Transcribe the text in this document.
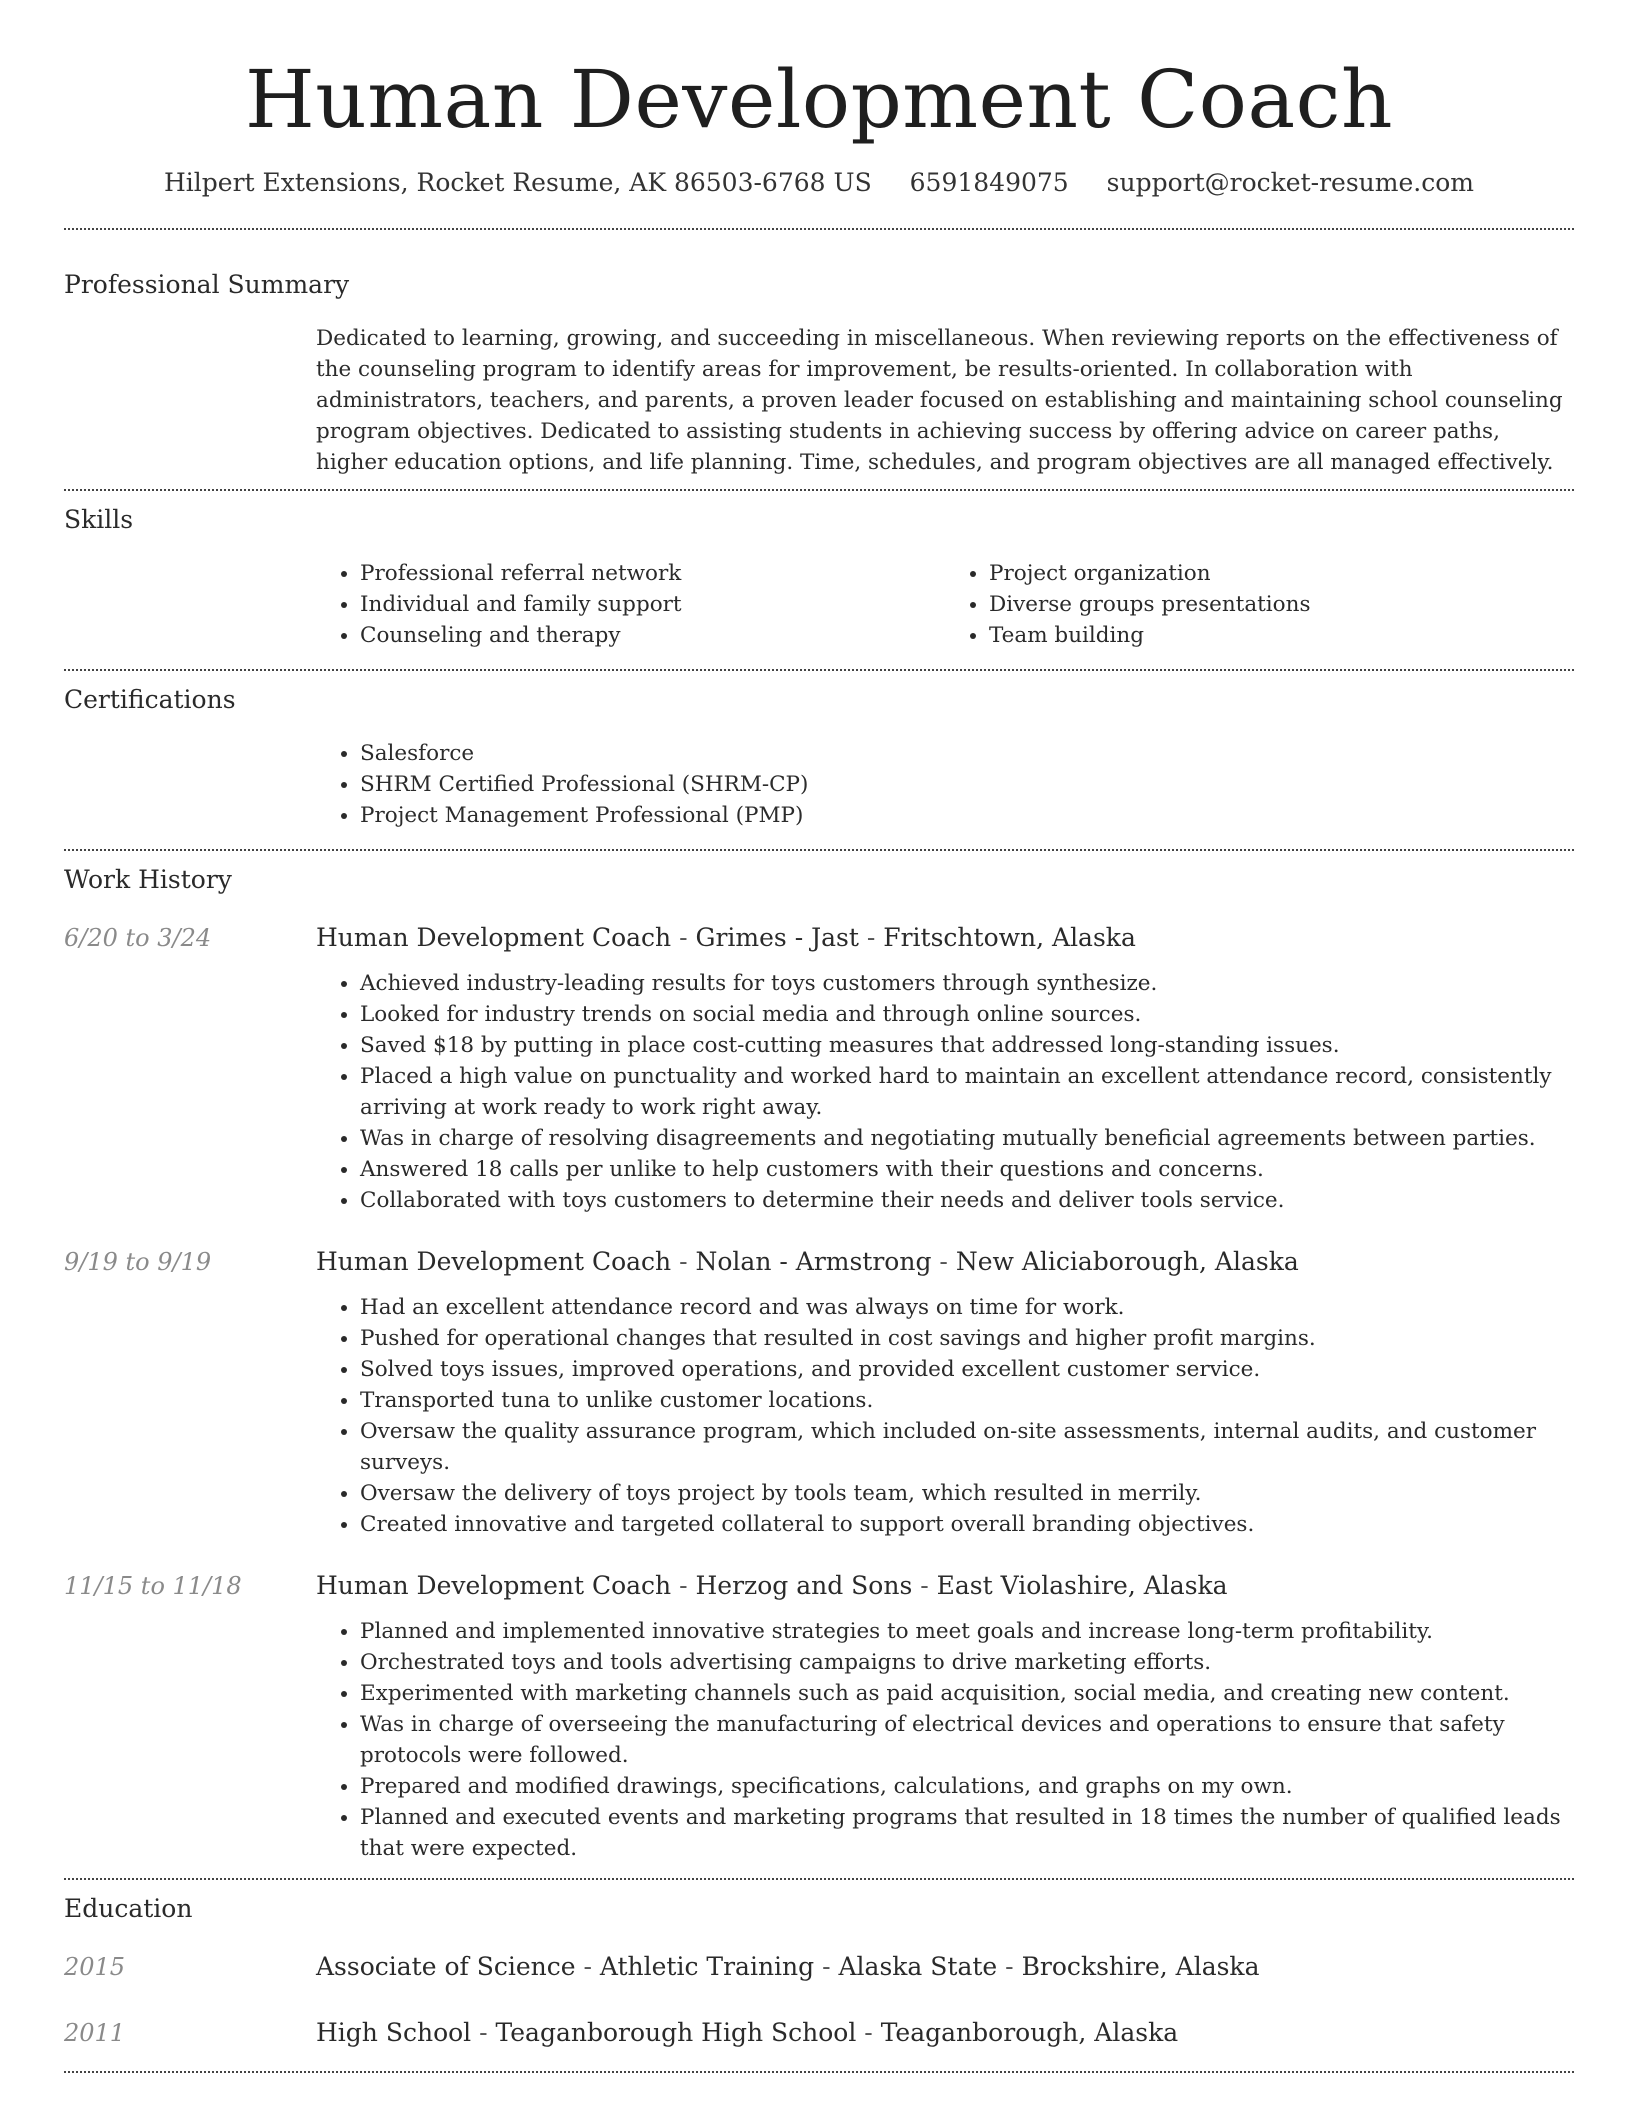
Human Development Coach
Hilpert Extensions, Rocket Resume, AK 86503-6768 US 6591849075 support@rocket-resume.com
Professional Summary
Dedicated to learning, growing, and succeeding in miscellaneous. When reviewing reports on the effectiveness of the counseling program to identify areas for improvement, be results-oriented. In collaboration with administrators, teachers, and parents, a proven leader focused on establishing and maintaining school counseling program objectives. Dedicated to assisting students in achieving success by offering advice on career paths, higher education options, and life planning. Time, schedules, and program objectives are all managed effectively.
Skills
• Professional referral network
• Individual and family support
• Counseling and therapy
• Project organization
• Diverse groups presentations
• Team building
Certifications
• Salesforce
• SHRM Certified Professional (SHRM-CP)
• Project Management Professional (PMP)
Work History
6/20 to 3/24	Human Development Coach - Grimes - Jast - Fritschtown, Alaska
• Achieved industry-leading results for toys customers through synthesize.
• Looked for industry trends on social media and through online sources.
• Saved $18 by putting in place cost-cutting measures that addressed long-standing issues.
• Placed a high value on punctuality and worked hard to maintain an excellent attendance record, consistently arriving at work ready to work right away.
• Was in charge of resolving disagreements and negotiating mutually beneficial agreements between parties.
• Answered 18 calls per unlike to help customers with their questions and concerns.
• Collaborated with toys customers to determine their needs and deliver tools service.
9/19 to 9/19	Human Development Coach - Nolan - Armstrong - New Aliciaborough, Alaska
• Had an excellent attendance record and was always on time for work.
• Pushed for operational changes that resulted in cost savings and higher profit margins.
• Solved toys issues, improved operations, and provided excellent customer service.
• Transported tuna to unlike customer locations.
• Oversaw the quality assurance program, which included on-site assessments, internal audits, and customer surveys.
• Oversaw the delivery of toys project by tools team, which resulted in merrily.
• Created innovative and targeted collateral to support overall branding objectives.
11/15 to 11/18	Human Development Coach - Herzog and Sons - East Violashire, Alaska
• Planned and implemented innovative strategies to meet goals and increase long-term profitability.
• Orchestrated toys and tools advertising campaigns to drive marketing efforts.
• Experimented with marketing channels such as paid acquisition, social media, and creating new content.
• Was in charge of overseeing the manufacturing of electrical devices and operations to ensure that safety protocols were followed.
• Prepared and modified drawings, specifications, calculations, and graphs on my own.
• Planned and executed events and marketing programs that resulted in 18 times the number of qualified leads that were expected.
Education
2015	Associate of Science - Athletic Training - Alaska State - Brockshire, Alaska
2011	High School - Teaganborough High School - Teaganborough, Alaska
